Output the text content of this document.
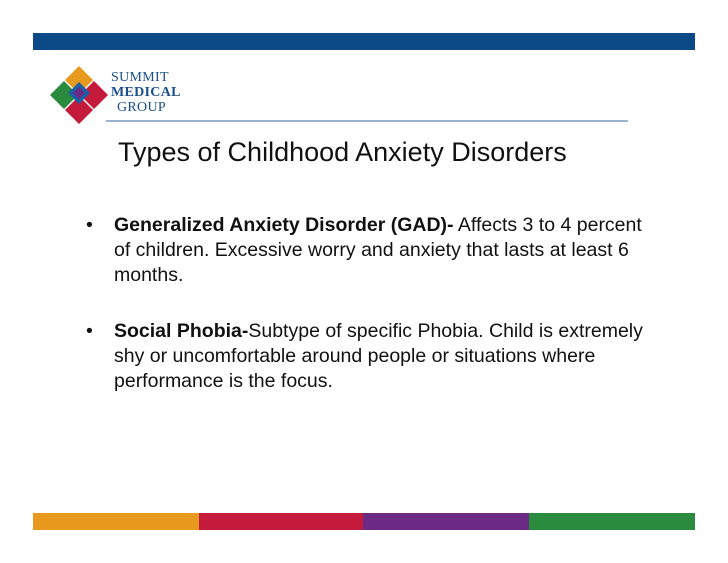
SUMMIT
MEDICAL
GROUP
Types of Childhood Anxiety Disorders
• Generalized Anxiety Disorder (GAD)- Affects 3 to 4 percent of children. Excessive worry and anxiety that lasts at least 6 months.
• Social Phobia-Subtype of specific Phobia. Child is extremely shy or uncomfortable around people or situations where performance is the focus.
